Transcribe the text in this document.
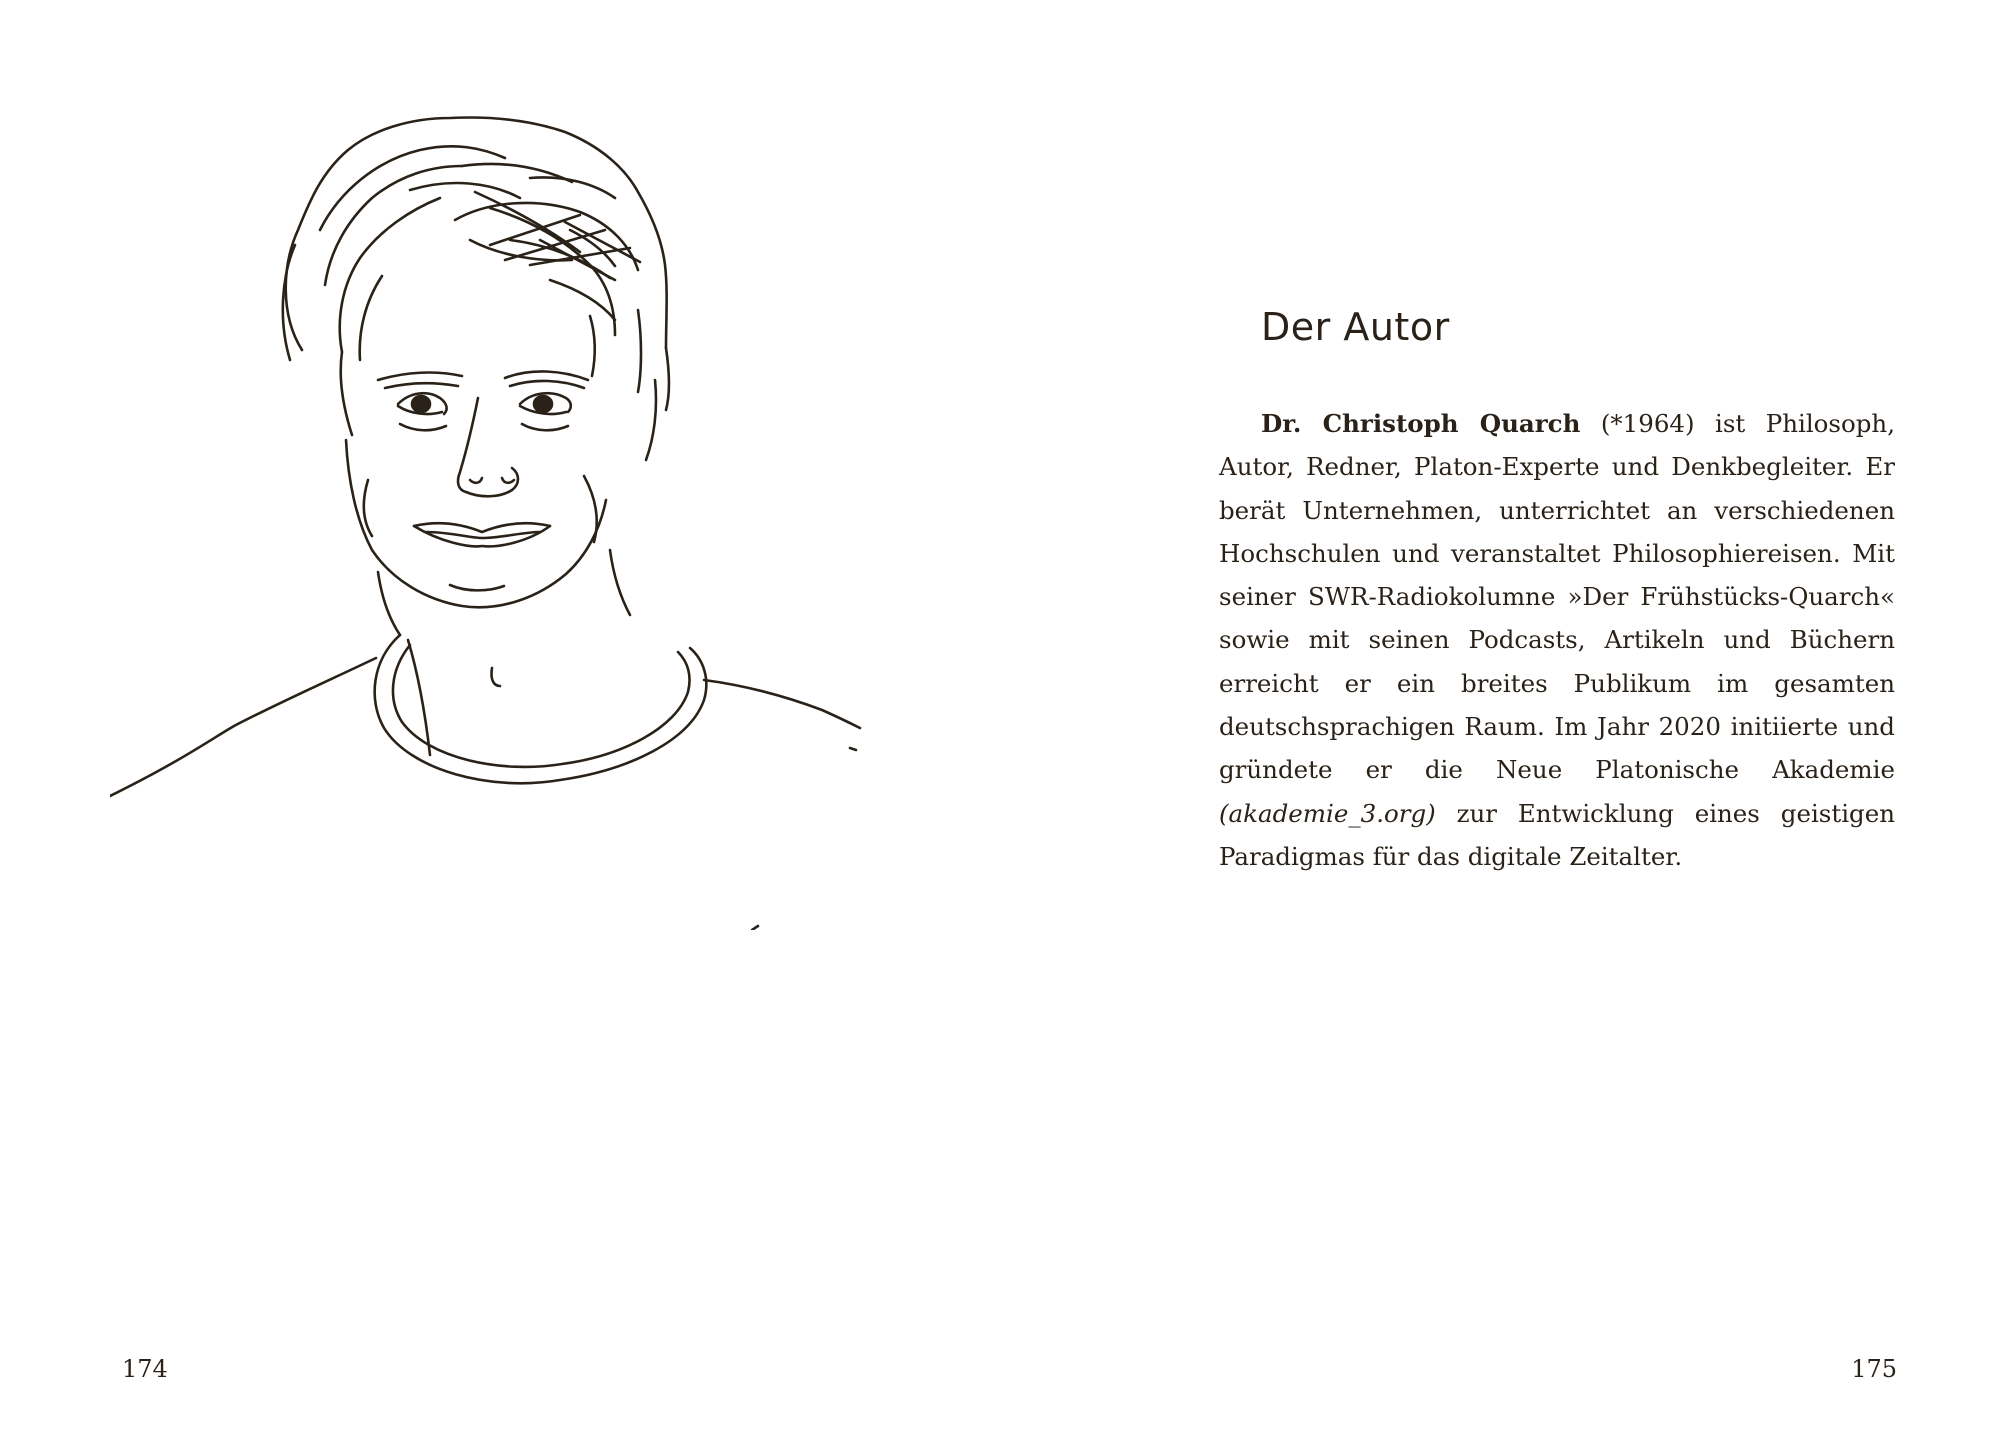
174
Der Autor

Dr. Christoph Quarch (*1964) ist Philosoph, Autor, Redner, Platon-Experte und Denkbegleiter. Er berät Unternehmen, unterrichtet an verschiedenen Hochschulen und veranstaltet Philosophiereisen. Mit seiner SWR-Radiokolumne »Der Frühstücks-Quarch« sowie mit seinen Podcasts, Artikeln und Büchern erreicht er ein breites Publikum im gesamten deutschsprachigen Raum. Im Jahr 2020 initiierte und gründete er die Neue Platonische Akademie (akademie_3.org) zur Entwicklung eines geistigen Paradigmas für das digitale Zeitalter.

175
